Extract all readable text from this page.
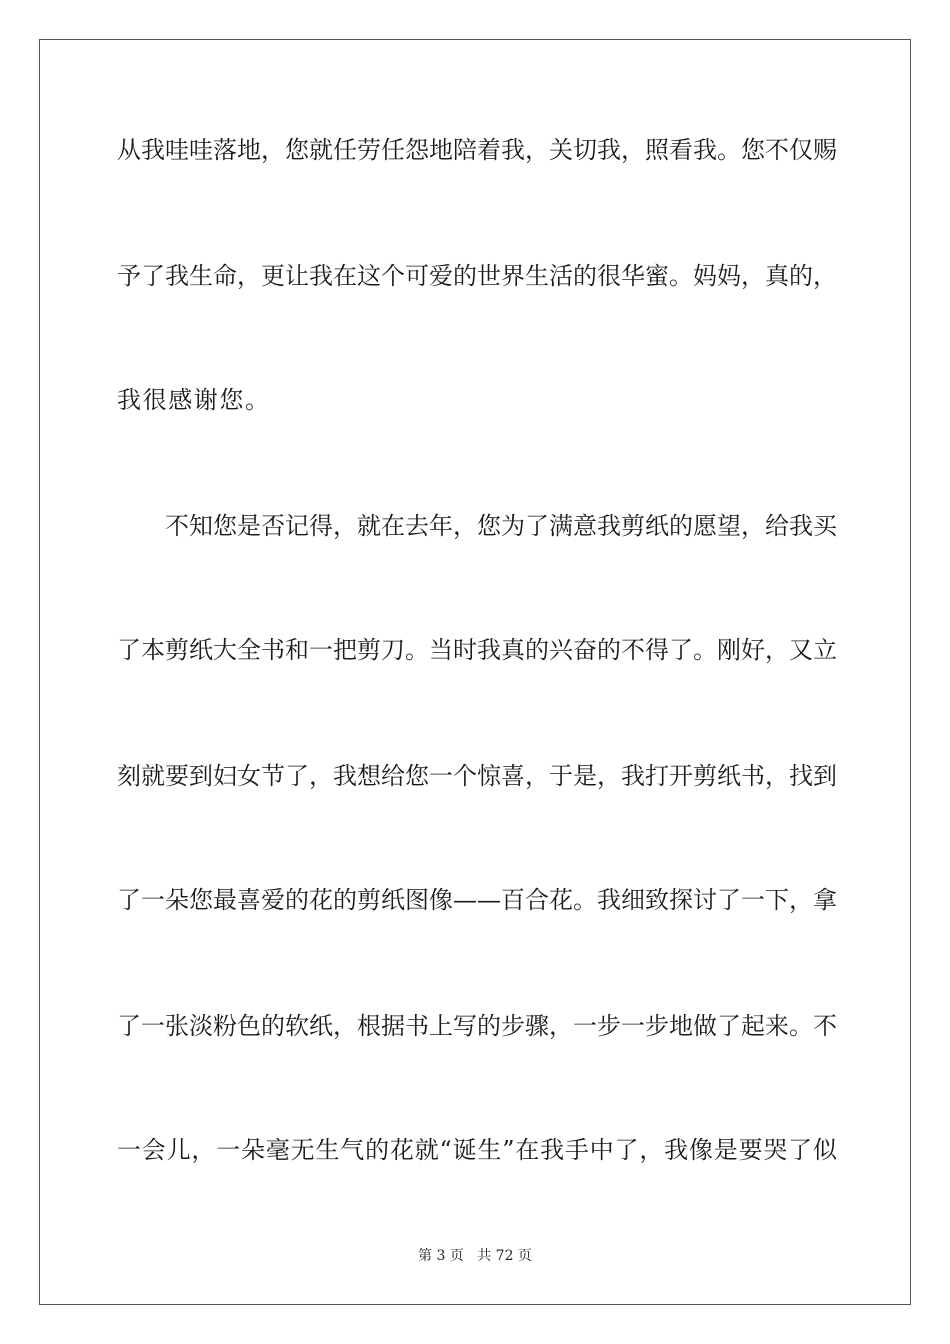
从我哇哇落地，您就任劳任怨地陪着我，关切我，照看我。您不仅赐
予了我生命，更让我在这个可爱的世界生活的很华蜜。妈妈，真的，
我很感谢您。
不知您是否记得，就在去年，您为了满意我剪纸的愿望，给我买
了本剪纸大全书和一把剪刀。当时我真的兴奋的不得了。刚好，又立
刻就要到妇女节了，我想给您一个惊喜，于是，我打开剪纸书，找到
了一朵您最喜爱的花的剪纸图像——百合花。我细致探讨了一下，拿
了一张淡粉色的软纸，根据书上写的步骤，一步一步地做了起来。不
一会儿，一朵毫无生气的花就“诞生”在我手中了，我像是要哭了似
第 3 页 共 72 页
